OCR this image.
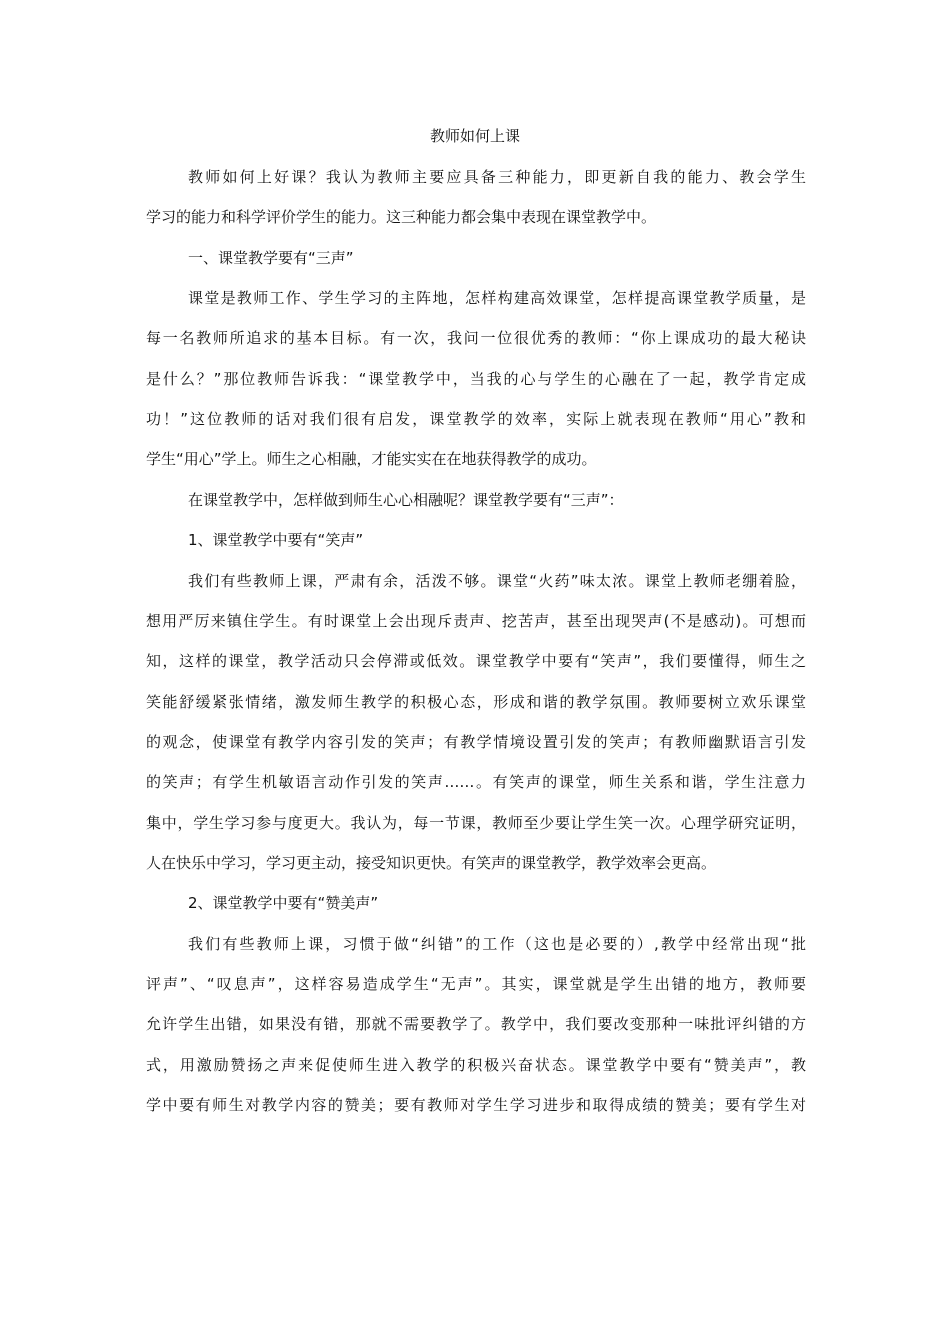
教师如何上课
教师如何上好课？我认为教师主要应具备三种能力，即更新自我的能力、教会学生
学习的能力和科学评价学生的能力。这三种能力都会集中表现在课堂教学中。
一、课堂教学要有“三声”
课堂是教师工作、学生学习的主阵地，怎样构建高效课堂，怎样提高课堂教学质量，是
每一名教师所追求的基本目标。有一次，我问一位很优秀的教师：“你上课成功的最大秘诀
是什么？”那位教师告诉我：“课堂教学中，当我的心与学生的心融在了一起，教学肯定成
功！”这位教师的话对我们很有启发，课堂教学的效率，实际上就表现在教师“用心”教和
学生“用心”学上。师生之心相融，才能实实在在地获得教学的成功。
在课堂教学中，怎样做到师生心心相融呢？课堂教学要有“三声”：
1、课堂教学中要有“笑声”
我们有些教师上课，严肃有余，活泼不够。课堂“火药”味太浓。课堂上教师老绷着脸，
想用严厉来镇住学生。有时课堂上会出现斥责声、挖苦声，甚至出现哭声(不是感动)。可想而
知，这样的课堂，教学活动只会停滞或低效。课堂教学中要有“笑声”，我们要懂得，师生之
笑能舒缓紧张情绪，激发师生教学的积极心态，形成和谐的教学氛围。教师要树立欢乐课堂
的观念，使课堂有教学内容引发的笑声；有教学情境设置引发的笑声；有教师幽默语言引发
的笑声；有学生机敏语言动作引发的笑声……。有笑声的课堂，师生关系和谐，学生注意力
集中，学生学习参与度更大。我认为，每一节课，教师至少要让学生笑一次。心理学研究证明，
人在快乐中学习，学习更主动，接受知识更快。有笑声的课堂教学，教学效率会更高。
2、课堂教学中要有“赞美声”
我们有些教师上课，习惯于做“纠错”的工作（这也是必要的）,教学中经常出现“批
评声”、“叹息声”，这样容易造成学生“无声”。其实，课堂就是学生出错的地方，教师要
允许学生出错，如果没有错，那就不需要教学了。教学中，我们要改变那种一味批评纠错的方
式，用激励赞扬之声来促使师生进入教学的积极兴奋状态。课堂教学中要有“赞美声”，教
学中要有师生对教学内容的赞美；要有教师对学生学习进步和取得成绩的赞美；要有学生对
